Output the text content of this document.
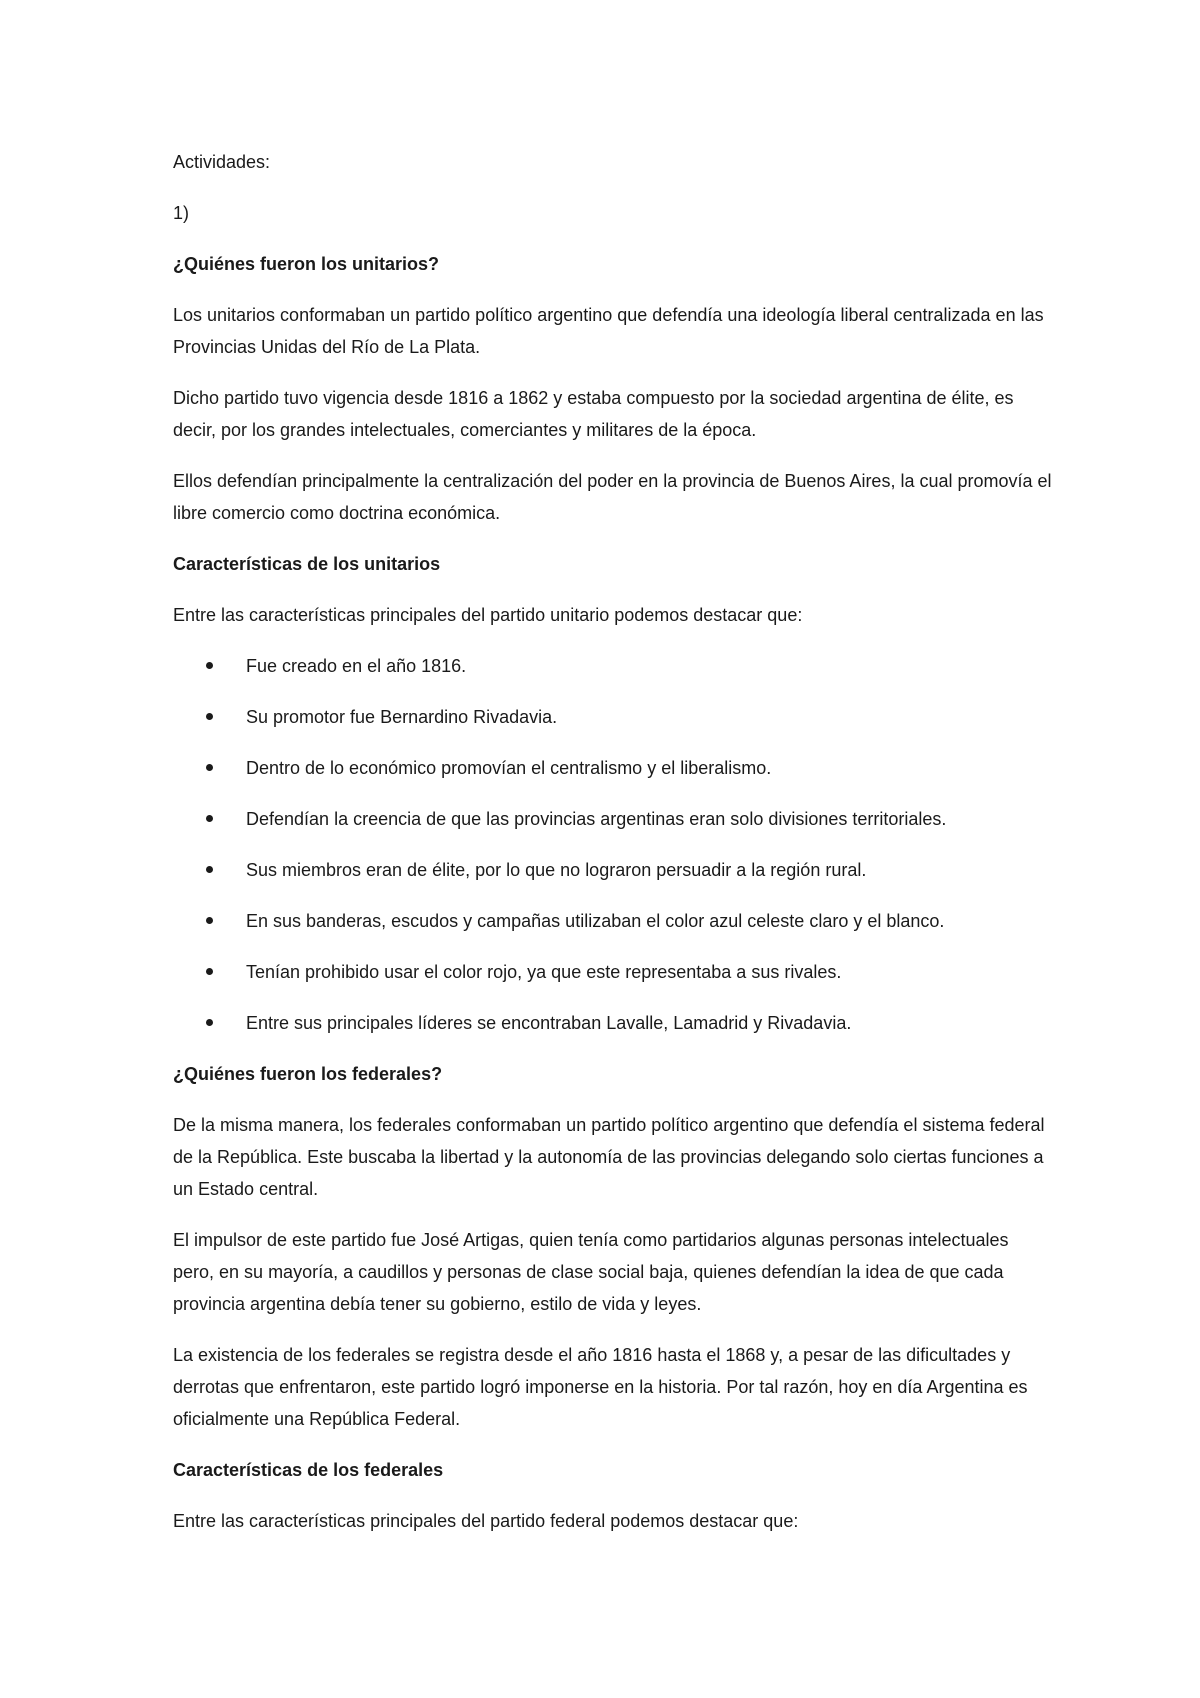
Actividades:

1)

¿Quiénes fueron los unitarios?

Los unitarios conformaban un partido político argentino que defendía una ideología liberal centralizada en las Provincias Unidas del Río de La Plata.

Dicho partido tuvo vigencia desde 1816 a 1862 y estaba compuesto por la sociedad argentina de élite, es decir, por los grandes intelectuales, comerciantes y militares de la época.

Ellos defendían principalmente la centralización del poder en la provincia de Buenos Aires, la cual promovía el libre comercio como doctrina económica.

Características de los unitarios

Entre las características principales del partido unitario podemos destacar que:

Fue creado en el año 1816.
Su promotor fue Bernardino Rivadavia.
Dentro de lo económico promovían el centralismo y el liberalismo.
Defendían la creencia de que las provincias argentinas eran solo divisiones territoriales.
Sus miembros eran de élite, por lo que no lograron persuadir a la región rural.
En sus banderas, escudos y campañas utilizaban el color azul celeste claro y el blanco.
Tenían prohibido usar el color rojo, ya que este representaba a sus rivales.
Entre sus principales líderes se encontraban Lavalle, Lamadrid y Rivadavia.

¿Quiénes fueron los federales?

De la misma manera, los federales conformaban un partido político argentino que defendía el sistema federal de la República. Este buscaba la libertad y la autonomía de las provincias delegando solo ciertas funciones a un Estado central.

El impulsor de este partido fue José Artigas, quien tenía como partidarios algunas personas intelectuales pero, en su mayoría, a caudillos y personas de clase social baja, quienes defendían la idea de que cada provincia argentina debía tener su gobierno, estilo de vida y leyes.

La existencia de los federales se registra desde el año 1816 hasta el 1868 y, a pesar de las dificultades y derrotas que enfrentaron, este partido logró imponerse en la historia. Por tal razón, hoy en día Argentina es oficialmente una República Federal.

Características de los federales

Entre las características principales del partido federal podemos destacar que:
